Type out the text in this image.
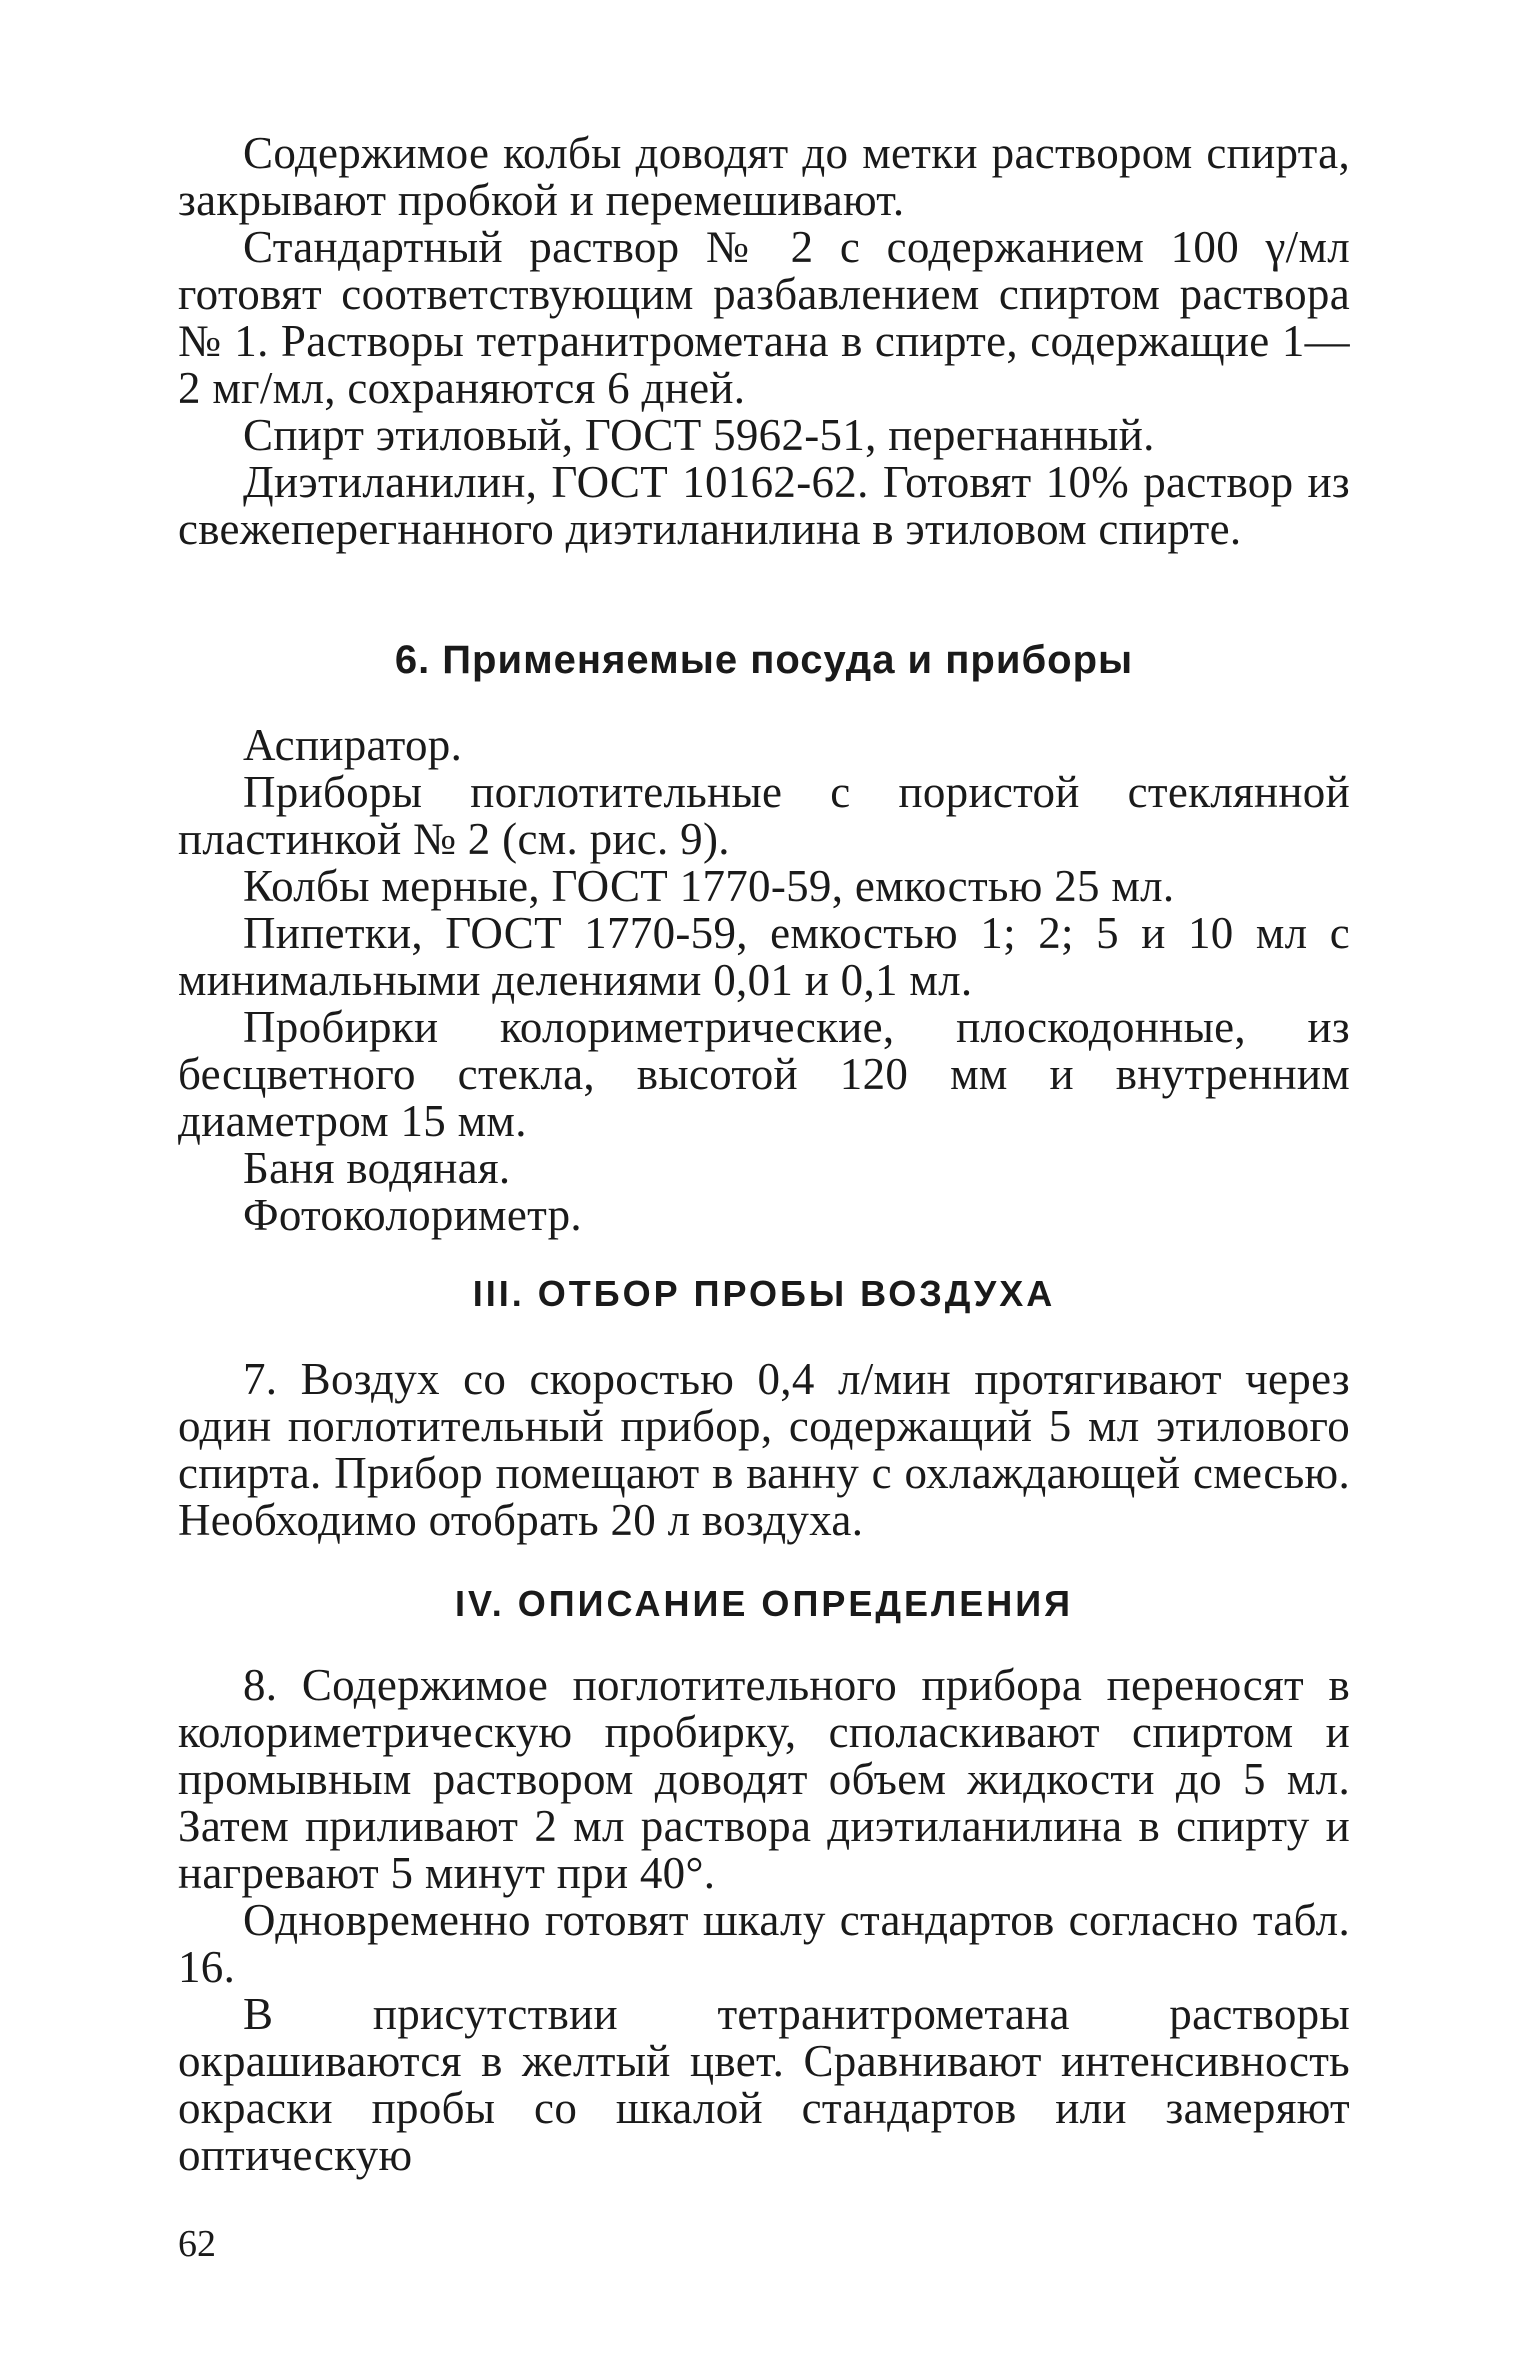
Содержимое колбы доводят до метки раствором спирта, закрывают пробкой и перемешивают.

Стандартный раствор № 2 с содержанием 100 γ/мл готовят соответствующим разбавлением спиртом раствора № 1. Растворы тетранитрометана в спирте, содержащие 1—2 мг/мл, сохраняются 6 дней.

Спирт этиловый, ГОСТ 5962-51, перегнанный.

Диэтиланилин, ГОСТ 10162-62. Готовят 10% раствор из свежеперегнанного диэтиланилина в этиловом спирте.

6. Применяемые посуда и приборы

Аспиратор.

Приборы поглотительные с пористой стеклянной пластинкой № 2 (см. рис. 9).

Колбы мерные, ГОСТ 1770-59, емкостью 25 мл.

Пипетки, ГОСТ 1770-59, емкостью 1; 2; 5 и 10 мл с минимальными делениями 0,01 и 0,1 мл.

Пробирки колориметрические, плоскодонные, из бесцветного стекла, высотой 120 мм и внутренним диаметром 15 мм.

Баня водяная.

Фотоколориметр.

III. ОТБОР ПРОБЫ ВОЗДУХА

7. Воздух со скоростью 0,4 л/мин протягивают через один поглотительный прибор, содержащий 5 мл этилового спирта. Прибор помещают в ванну с охлаждающей смесью. Необходимо отобрать 20 л воздуха.

IV. ОПИСАНИЕ ОПРЕДЕЛЕНИЯ

8. Содержимое поглотительного прибора переносят в колориметрическую пробирку, споласкивают спиртом и промывным раствором доводят объем жидкости до 5 мл. Затем приливают 2 мл раствора диэтиланилина в спирту и нагревают 5 минут при 40°.

Одновременно готовят шкалу стандартов согласно табл. 16.

В присутствии тетранитрометана растворы окрашиваются в желтый цвет. Сравнивают интенсивность окраски пробы со шкалой стандартов или замеряют оптическую

62
